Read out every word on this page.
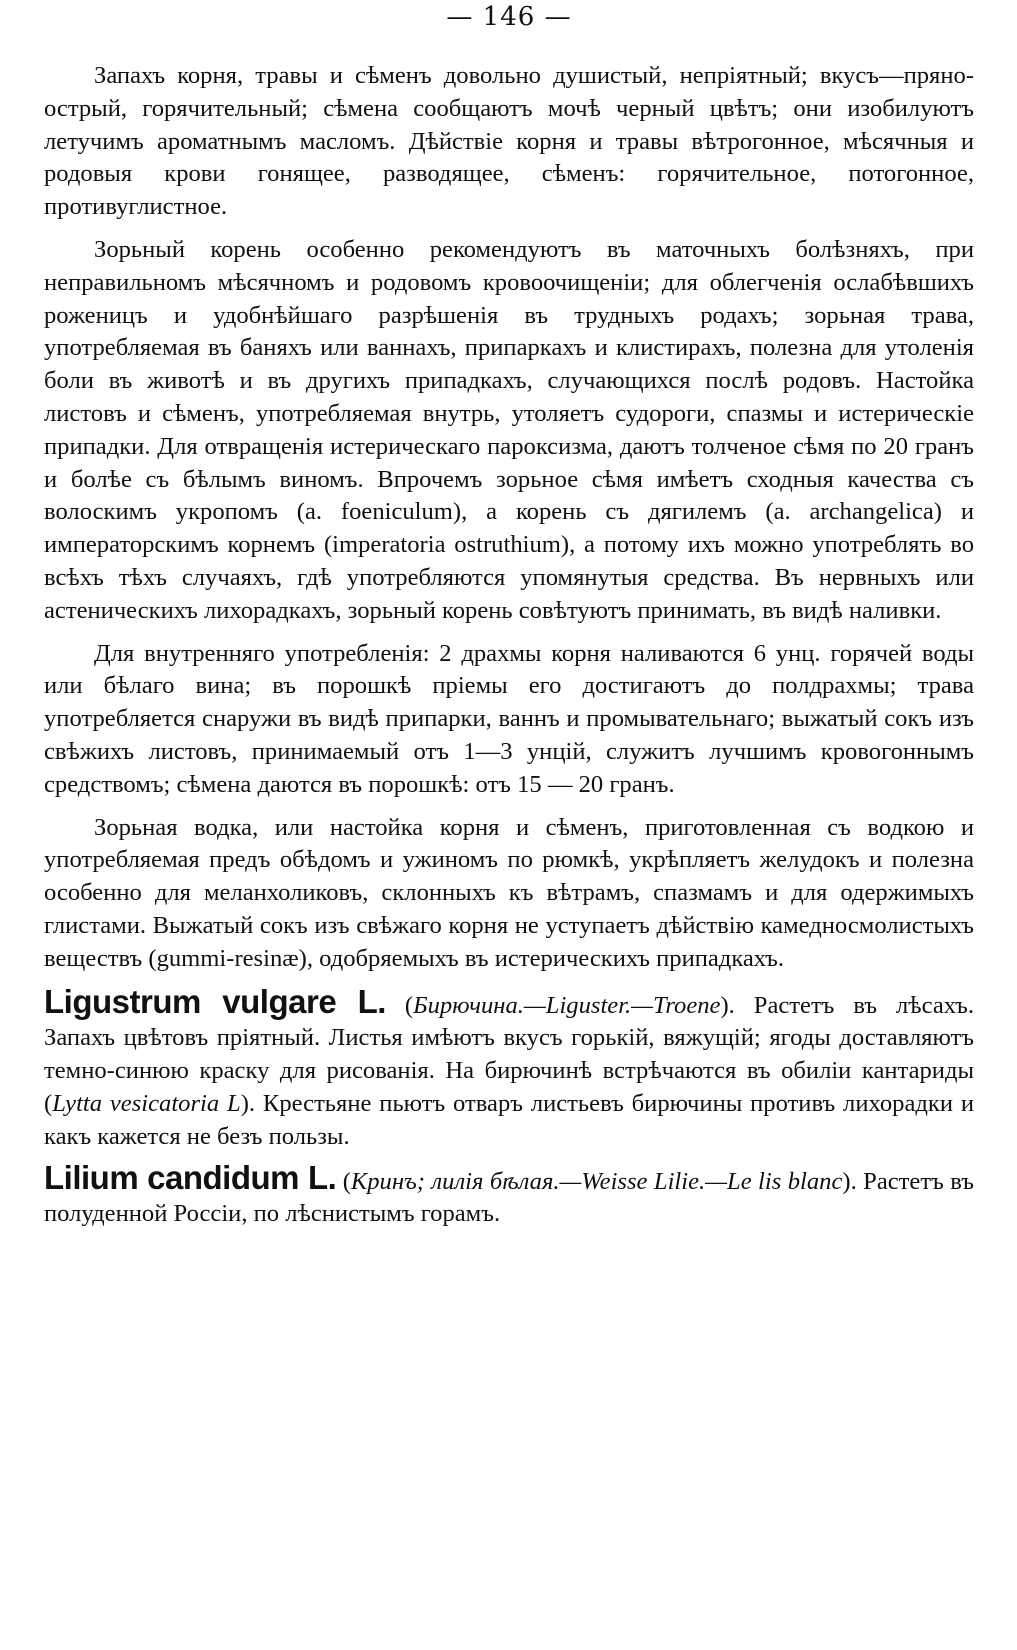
— 146 —

Запахъ корня, травы и сѣменъ довольно душистый, непріятный; вкусъ—пряно-острый, горячительный; сѣмена сообщаютъ мочѣ черный цвѣтъ; они изобилуютъ летучимъ ароматнымъ масломъ. Дѣйствіе корня и травы вѣтрогонное, мѣсячныя и родовыя крови гонящее, разводящее, сѣменъ: горячительное, потогонное, противуглистное.

Зорьный корень особенно рекомендуютъ въ маточныхъ болѣзняхъ, при неправильномъ мѣсячномъ и родовомъ кровоочищеніи; для облегченія ослабѣвшихъ роженицъ и удобнѣйшаго разрѣшенія въ трудныхъ родахъ; зорьная трава, употребляемая въ баняхъ или ваннахъ, припаркахъ и клистирахъ, полезна для утоленія боли въ животѣ и въ другихъ припадкахъ, случающихся послѣ родовъ. Настойка листовъ и сѣменъ, употребляемая внутрь, утоляетъ судороги, спазмы и истерическіе припадки. Для отвращенія истерическаго пароксизма, даютъ толченое сѣмя по 20 гранъ и болѣе съ бѣлымъ виномъ. Впрочемъ зорьное сѣмя имѣетъ сходныя качества съ волоскимъ укропомъ (a. foeniculum), а корень съ дягилемъ (a. archangelica) и императорскимъ корнемъ (imperatoria ostruthium), а потому ихъ можно употреблять во всѣхъ тѣхъ случаяхъ, гдѣ употребляются упомянутыя средства. Въ нервныхъ или астеническихъ лихорадкахъ, зорьный корень совѣтуютъ принимать, въ видѣ наливки.

Для внутренняго употребленія: 2 драхмы корня наливаются 6 унц. горячей воды или бѣлаго вина; въ порошкѣ пріемы его достигаютъ до полдрахмы; трава употребляется снаружи въ видѣ припарки, ваннъ и промывательнаго; выжатый сокъ изъ свѣжихъ листовъ, принимаемый отъ 1—3 унцій, служитъ лучшимъ кровогоннымъ средствомъ; сѣмена даются въ порошкѣ: отъ 15 — 20 гранъ.

Зорьная водка, или настойка корня и сѣменъ, приготовленная съ водкою и употребляемая предъ обѣдомъ и ужиномъ по рюмкѣ, укрѣпляетъ желудокъ и полезна особенно для меланхоликовъ, склонныхъ къ вѣтрамъ, спазмамъ и для одержимыхъ глистами. Выжатый сокъ изъ свѣжаго корня не уступаетъ дѣйствію камедносмолистыхъ веществъ (gummi-resinæ), одобряемыхъ въ истерическихъ припадкахъ.

Ligustrum vulgare L. (Бирючина.—Liguster.—Troene). Растетъ въ лѣсахъ. Запахъ цвѣтовъ пріятный. Листья имѣютъ вкусъ горькій, вяжущій; ягоды доставляютъ темно-синюю краску для рисованія. На бирючинѣ встрѣчаются въ обиліи кантариды (Lytta vesicatoria L). Крестьяне пьютъ отваръ листьевъ бирючины противъ лихорадки и какъ кажется не безъ пользы.

Lilium candidum L. (Кринъ; лилія бѣлая.—Weisse Lilie.—Le lis blanc). Растетъ въ полуденной Россіи, по лѣснистымъ горамъ.
